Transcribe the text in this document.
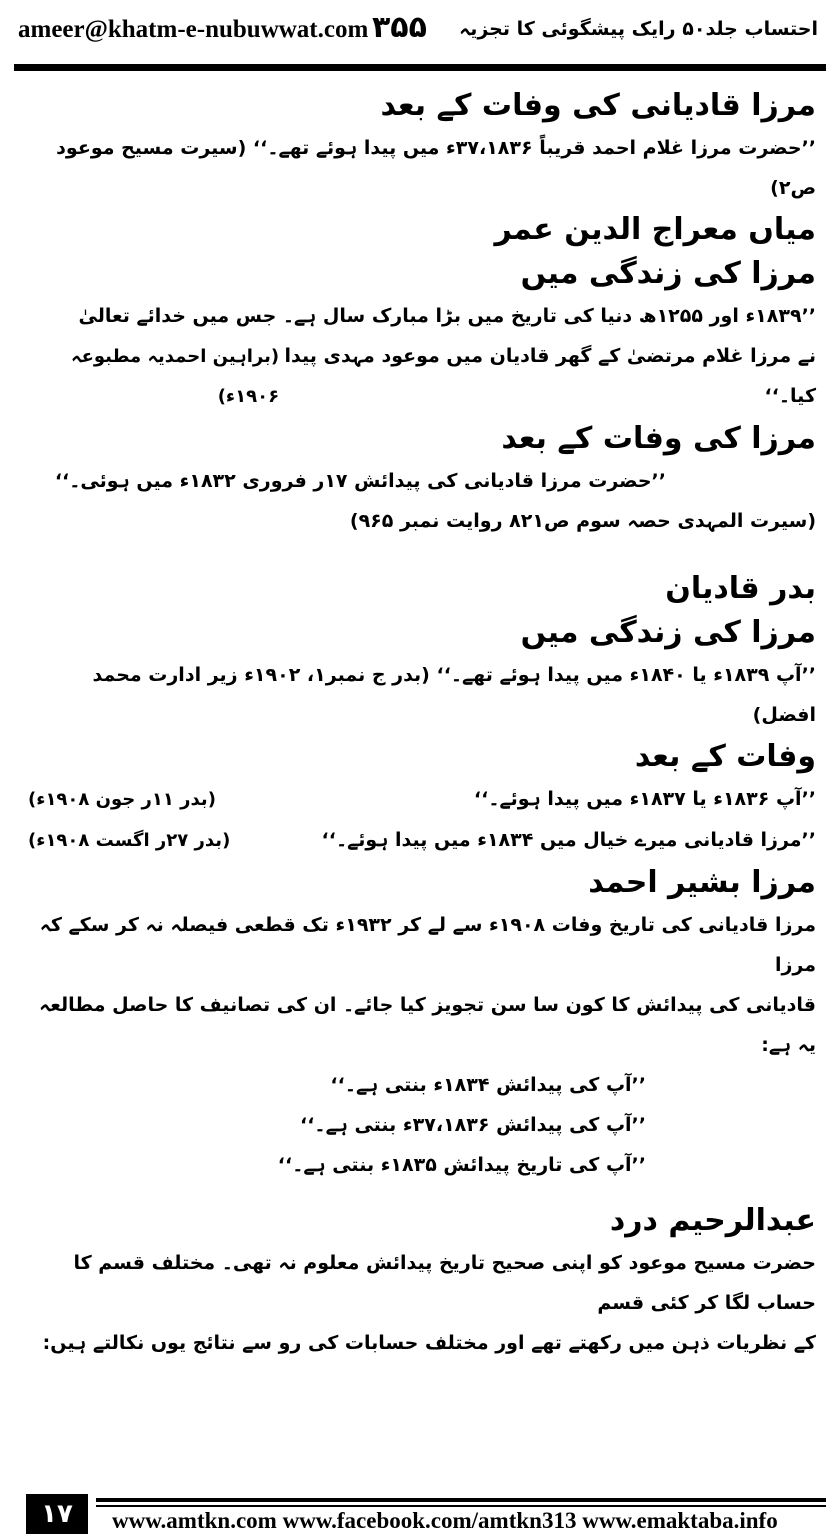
ameer@khatm-e-nubuwwat.com ۳۵۵ احتساب جلد۵۰ رایک پیشگوئی کا تجزیہ

مرزا قادیانی کی وفات کے بعد

’’حضرت مرزا غلام احمد قریباً ۳۷،۱۸۳۶ء میں پیدا ہوئے تھے۔‘‘ (سیرت مسیح موعود ص۲)

میاں معراج الدین عمر

مرزا کی زندگی میں

’’۱۸۳۹ء اور ۱۲۵۵ھ دنیا کی تاریخ میں بڑا مبارک سال ہے۔ جس میں خدائے تعالیٰ

نے مرزا غلام مرتضیٰ کے گھر قادیان میں موعود مہدی پیدا کیا۔‘‘
(براہین احمدیہ مطبوعہ ۱۹۰۶ء)

مرزا کی وفات کے بعد

’’حضرت مرزا قادیانی کی پیدائش ۱۷ر فروری ۱۸۳۲ء میں ہوئی۔‘‘

(سیرت المہدی حصہ سوم ص۸۲۱ روایت نمبر ۹۶۵)

بدر قادیان

مرزا کی زندگی میں

’’آپ ۱۸۳۹ء یا ۱۸۴۰ء میں پیدا ہوئے تھے۔‘‘ (بدر ج نمبر۱، ۱۹۰۲ء زیر ادارت محمد افضل)

وفات کے بعد

’’آپ ۱۸۳۶ء یا ۱۸۳۷ء میں پیدا ہوئے۔‘‘
(بدر ۱۱ر جون ۱۹۰۸ء)
’’مرزا قادیانی میرے خیال میں ۱۸۳۴ء میں پیدا ہوئے۔‘‘
(بدر ۲۷ر اگست ۱۹۰۸ء)

مرزا بشیر احمد

مرزا قادیانی کی تاریخ وفات ۱۹۰۸ء سے لے کر ۱۹۳۲ء تک قطعی فیصلہ نہ کر سکے کہ مرزا

قادیانی کی پیدائش کا کون سا سن تجویز کیا جائے۔ ان کی تصانیف کا حاصل مطالعہ یہ ہے:

’’آپ کی پیدائش ۱۸۳۴ء بنتی ہے۔‘‘

’’آپ کی پیدائش ۳۷،۱۸۳۶ء بنتی ہے۔‘‘

’’آپ کی تاریخ پیدائش ۱۸۳۵ء بنتی ہے۔‘‘

عبدالرحیم درد

حضرت مسیح موعود کو اپنی صحیح تاریخ پیدائش معلوم نہ تھی۔ مختلف قسم کا حساب لگا کر کئی قسم

کے نظریات ذہن میں رکھتے تھے اور مختلف حسابات کی رو سے نتائج یوں نکالتے ہیں:

۱۷	www.amtkn.com www.facebook.com/amtkn313 www.emaktaba.info
